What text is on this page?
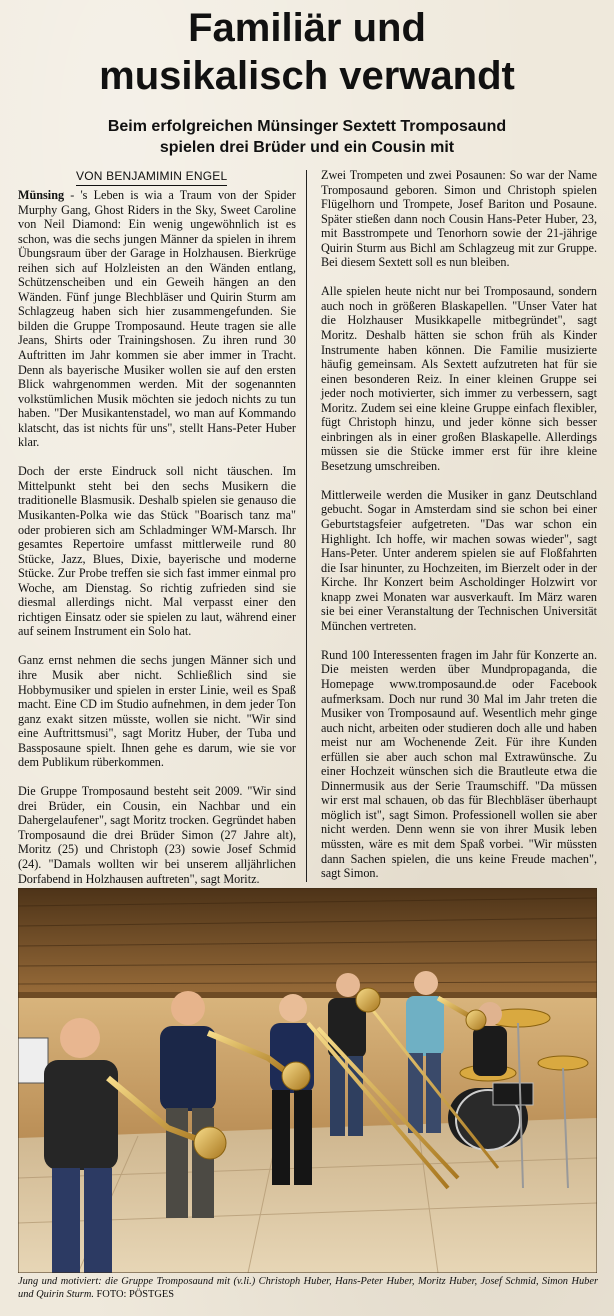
Familiär und
musikalisch verwandt
Beim erfolgreichen Münsinger Sextett Tromposaund
spielen drei Brüder und ein Cousin mit
VON BENJAMIMIN ENGEL

Münsing - 's Leben is wia a Traum von der Spider Murphy Gang, Ghost Riders in the Sky, Sweet Caroline von Neil Diamond: Ein wenig ungewöhnlich ist es schon, was die sechs jungen Männer da spielen in ihrem Übungsraum über der Garage in Holzhausen. Bierkrüge reihen sich auf Holzleisten an den Wänden entlang, Schützenscheiben und ein Geweih hängen an den Wänden. Fünf junge Blechbläser und Quirin Sturm am Schlagzeug haben sich hier zusammengefunden. Sie bilden die Gruppe Tromposaund. Heute tragen sie alle Jeans, Shirts oder Trainingshosen. Zu ihren rund 30 Auftritten im Jahr kommen sie aber immer in Tracht. Denn als bayerische Musiker wollen sie auf den ersten Blick wahrgenommen werden. Mit der sogenannten volkstümlichen Musik möchten sie jedoch nichts zu tun haben. "Der Musikantenstadel, wo man auf Kommando klatscht, das ist nichts für uns", stellt Hans-Peter Huber klar.

Doch der erste Eindruck soll nicht täuschen. Im Mittelpunkt steht bei den sechs Musikern die traditionelle Blasmusik. Deshalb spielen sie genauso die Musikanten-Polka wie das Stück "Boarisch tanz ma" oder probieren sich am Schladminger WM-Marsch. Ihr gesamtes Repertoire umfasst mittlerweile rund 80 Stücke, Jazz, Blues, Dixie, bayerische und moderne Stücke. Zur Probe treffen sie sich fast immer einmal pro Woche, am Dienstag. So richtig zufrieden sind sie diesmal allerdings nicht. Mal verpasst einer den richtigen Einsatz oder sie spielen zu laut, während einer auf seinem Instrument ein Solo hat.

Ganz ernst nehmen die sechs jungen Männer sich und ihre Musik aber nicht. Schließlich sind sie Hobbymusiker und spielen in erster Linie, weil es Spaß macht. Eine CD im Studio aufnehmen, in dem jeder Ton ganz exakt sitzen müsste, wollen sie nicht. "Wir sind eine Auftrittsmusi", sagt Moritz Huber, der Tuba und Bassposaune spielt. Ihnen gehe es darum, wie sie vor dem Publikum rüberkommen.

Die Gruppe Tromposaund besteht seit 2009. "Wir sind drei Brüder, ein Cousin, ein Nachbar und ein Dahergelaufener", sagt Moritz trocken. Gegründet haben Tromposaund die drei Brüder Simon (27 Jahre alt), Moritz (25) und Christoph (23) sowie Josef Schmid (24). "Damals wollten wir bei unserem alljährlichen Dorfabend in Holzhausen auftreten", sagt Moritz.

Zwei Trompeten und zwei Posaunen: So war der Name Tromposaund geboren. Simon und Christoph spielen Flügelhorn und Trompete, Josef Bariton und Posaune. Später stießen dann noch Cousin Hans-Peter Huber, 23, mit Basstrompete und Tenorhorn sowie der 21-jährige Quirin Sturm aus Bichl am Schlagzeug mit zur Gruppe. Bei diesem Sextett soll es nun bleiben.

Alle spielen heute nicht nur bei Tromposaund, sondern auch noch in größeren Blaskapellen. "Unser Vater hat die Holzhauser Musikkapelle mitbegründet", sagt Moritz. Deshalb hätten sie schon früh als Kinder Instrumente haben können. Die Familie musizierte häufig gemeinsam. Als Sextett aufzutreten hat für sie einen besonderen Reiz. In einer kleinen Gruppe sei jeder noch motivierter, sich immer zu verbessern, sagt Moritz. Zudem sei eine kleine Gruppe einfach flexibler, fügt Christoph hinzu, und jeder könne sich besser einbringen als in einer großen Blaskapelle. Allerdings müssen sie die Stücke immer erst für ihre kleine Besetzung umschreiben.

Mittlerweile werden die Musiker in ganz Deutschland gebucht. Sogar in Amsterdam sind sie schon bei einer Geburtstagsfeier aufgetreten. "Das war schon ein Highlight. Ich hoffe, wir machen sowas wieder", sagt Hans-Peter. Unter anderem spielen sie auf Floßfahrten die Isar hinunter, zu Hochzeiten, im Bierzelt oder in der Kirche. Ihr Konzert beim Ascholdinger Holzwirt vor knapp zwei Monaten war ausverkauft. Im März waren sie bei einer Veranstaltung der Technischen Universität München vertreten.

Rund 100 Interessenten fragen im Jahr für Konzerte an. Die meisten werden über Mundpropaganda, die Homepage www.tromposaund.de oder Facebook aufmerksam. Doch nur rund 30 Mal im Jahr treten die Musiker von Tromposaund auf. Wesentlich mehr ginge auch nicht, arbeiten oder studieren doch alle und haben meist nur am Wochenende Zeit. Für ihre Kunden erfüllen sie aber auch schon mal Extrawünsche. Zu einer Hochzeit wünschen sich die Brautleute etwa die Dinnermusik aus der Serie Traumschiff. "Da müssen wir erst mal schauen, ob das für Blechbläser überhaupt möglich ist", sagt Simon. Professionell wollen sie aber nicht werden. Denn wenn sie von ihrer Musik leben müssten, wäre es mit dem Spaß vorbei. "Wir müssten dann Sachen spielen, die uns keine Freude machen", sagt Simon.

Jung und motiviert: die Gruppe Tromposaund mit (v.li.) Christoph Huber, Hans-Peter Huber, Moritz Huber, Josef Schmid, Simon Huber und Quirin Sturm. FOTO: PÖSTGES
